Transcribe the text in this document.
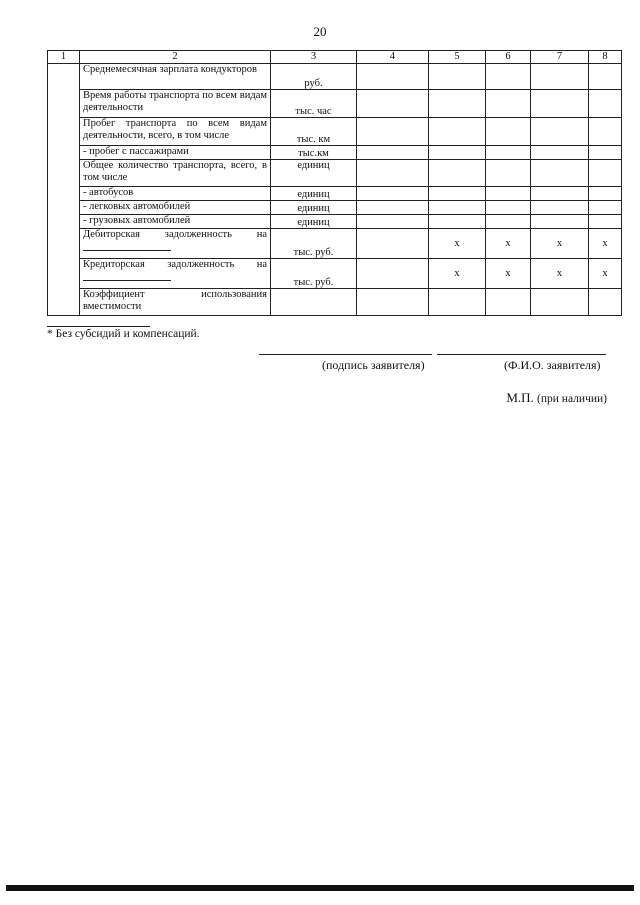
20
1	2	3	4	5	6	7	8
	Среднемесячная зарплата кондукторов	руб.					
	Время работы транспорта по всем видам деятельности	тыс. час					
	Пробег транспорта по всем видам деятельности, всего, в том числе	тыс. км					
	- пробег с пассажирами	тыс.км					
	Общее количество транспорта, всего, в том числе	единиц					
	- автобусов	единиц					
	- легковых автомобилей	единиц					
	- грузовых автомобилей	единиц					
	Дебиторская задолженность на	тыс. руб.		х	х	х	х
	Кредиторская задолженность на	тыс. руб.		х	х	х	х
	Коэффициент использования вместимости						
* Без субсидий и компенсаций.
(подпись заявителя)	(Ф.И.О. заявителя)
М.П. (при наличии)
